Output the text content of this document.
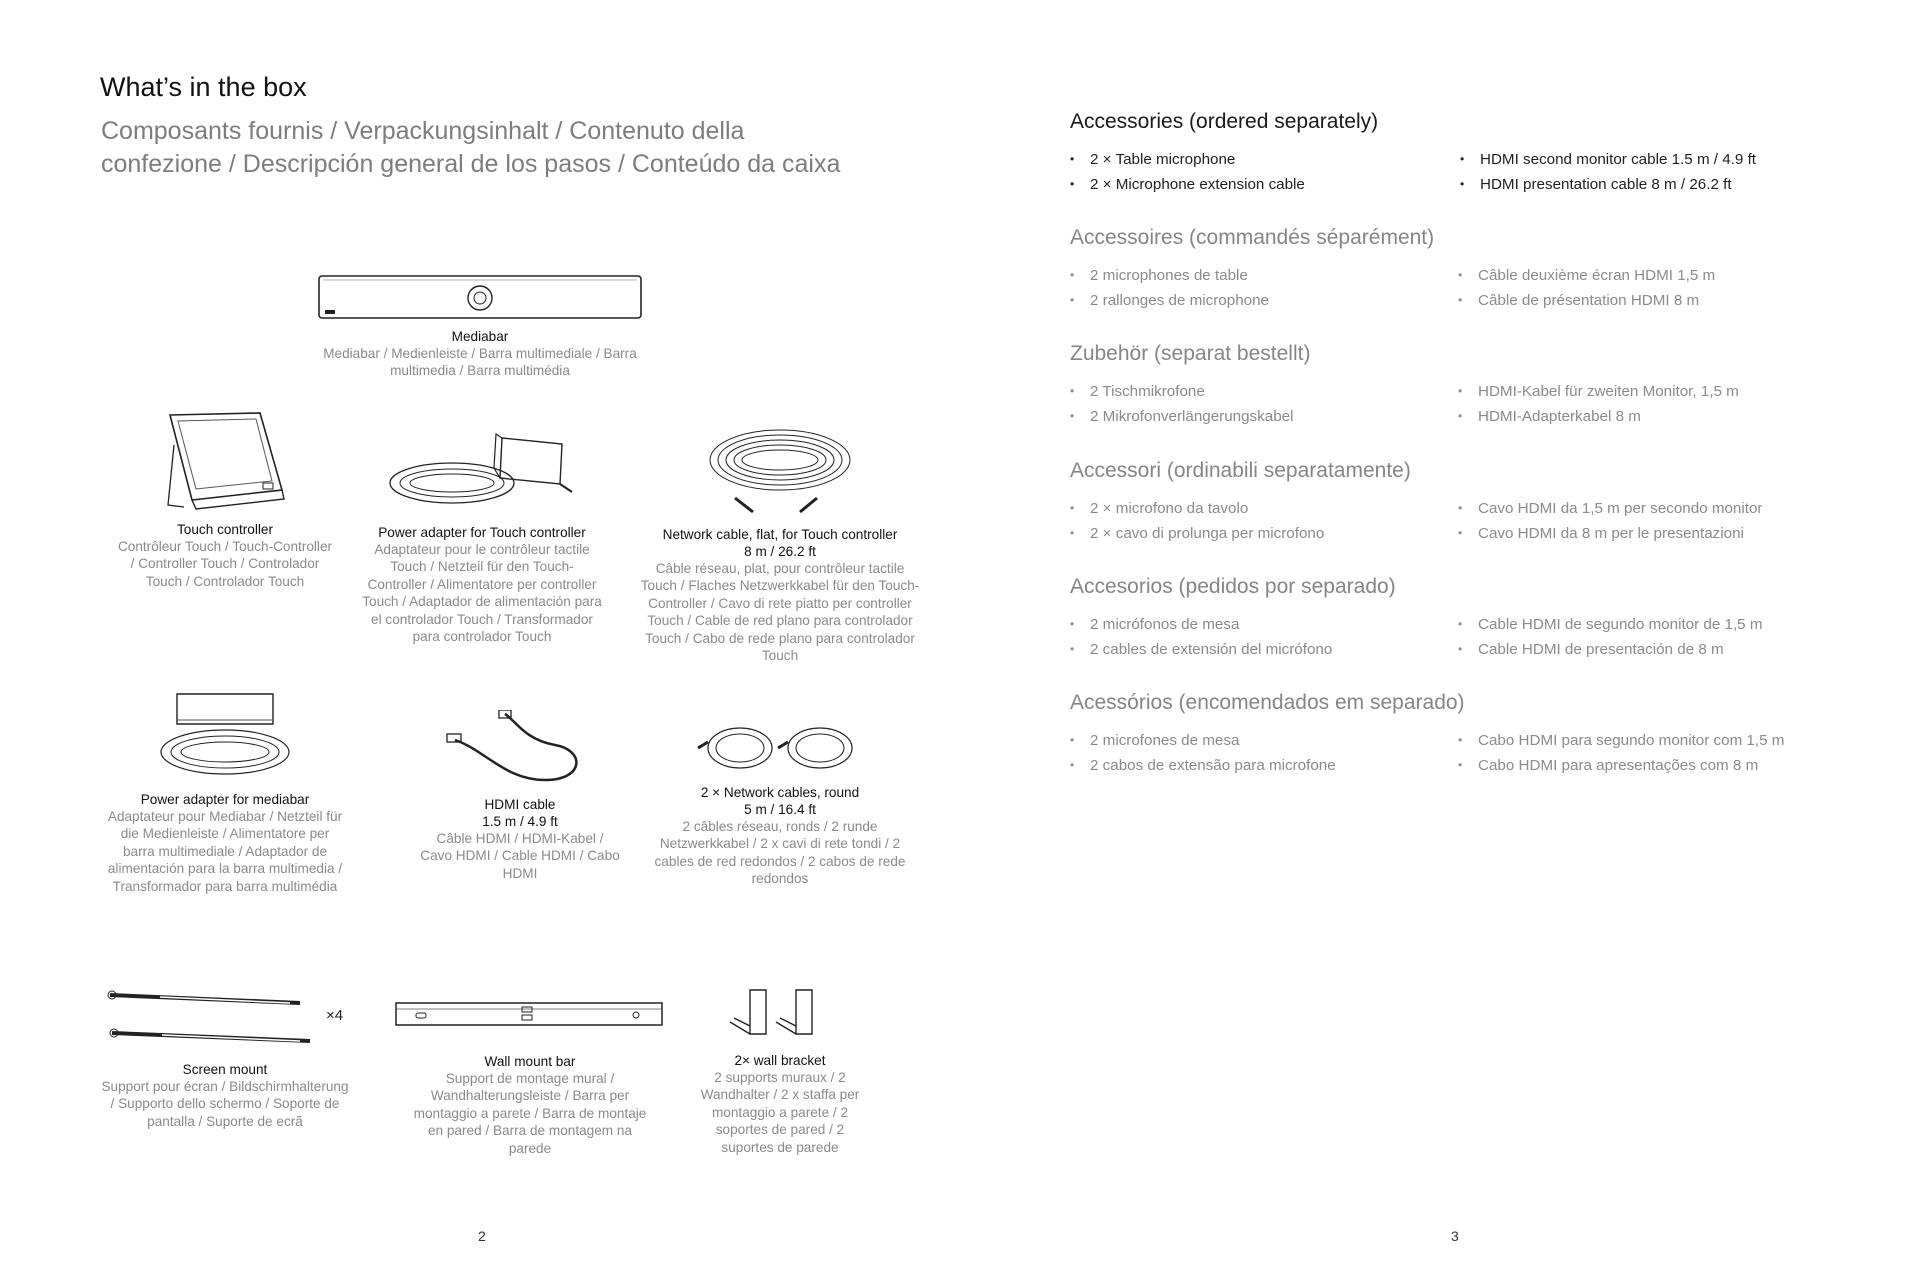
What’s in the box
Composants fournis / Verpackungsinhalt / Contenuto della
confezione / Descripción general de los pasos / Conteúdo da caixa
Mediabar
Mediabar / Medienleiste / Barra multimediale / Barra multimedia / Barra multimédia
Touch controller
Contrôleur Touch / Touch-Controller / Controller Touch / Controlador Touch / Controlador Touch
Power adapter for Touch controller
Adaptateur pour le contrôleur tactile Touch / Netzteil für den Touch-Controller / Alimentatore per controller Touch / Adaptador de alimentación para el controlador Touch / Transformador para controlador Touch
Network cable, flat, for Touch controller
8 m / 26.2 ft
Câble réseau, plat, pour contrôleur tactile Touch / Flaches Netzwerkkabel für den Touch-Controller / Cavo di rete piatto per controller Touch / Cable de red plano para controlador Touch / Cabo de rede plano para controlador Touch
Power adapter for mediabar
Adaptateur pour Mediabar / Netzteil für die Medienleiste / Alimentatore per barra multimediale / Adaptador de alimentación para la barra multimedia / Transformador para barra multimédia
HDMI cable
1.5 m / 4.9 ft
Câble HDMI / HDMI-Kabel / Cavo HDMI / Cable HDMI / Cabo HDMI
2 × Network cables, round
5 m / 16.4 ft
2 câbles réseau, ronds / 2 runde Netzwerkkabel / 2 x cavi di rete tondi / 2 cables de red redondos / 2 cabos de rede redondos
×4
Screen mount
Support pour écran / Bildschirmhalterung / Supporto dello schermo / Soporte de pantalla / Suporte de ecrã
Wall mount bar
Support de montage mural / Wandhalterungsleiste / Barra per montaggio a parete / Barra de montaje en pared / Barra de montagem na parede
2× wall bracket
2 supports muraux / 2 Wandhalter / 2 x staffa per montaggio a parete / 2 soportes de pared / 2 suportes de parede
2
Accessories (ordered separately)
• 2 × Table microphone
• 2 × Microphone extension cable
• HDMI second monitor cable 1.5 m / 4.9 ft
• HDMI presentation cable 8 m / 26.2 ft
Accessoires (commandés séparément)
• 2 microphones de table
• 2 rallonges de microphone
• Câble deuxième écran HDMI 1,5 m
• Câble de présentation HDMI 8 m
Zubehör (separat bestellt)
• 2 Tischmikrofone
• 2 Mikrofonverlängerungskabel
• HDMI-Kabel für zweiten Monitor, 1,5 m
• HDMI-Adapterkabel 8 m
Accessori (ordinabili separatamente)
• 2 × microfono da tavolo
• 2 × cavo di prolunga per microfono
• Cavo HDMI da 1,5 m per secondo monitor
• Cavo HDMI da 8 m per le presentazioni
Accesorios (pedidos por separado)
• 2 micrófonos de mesa
• 2 cables de extensión del micrófono
• Cable HDMI de segundo monitor de 1,5 m
• Cable HDMI de presentación de 8 m
Acessórios (encomendados em separado)
• 2 microfones de mesa
• 2 cabos de extensão para microfone
• Cabo HDMI para segundo monitor com 1,5 m
• Cabo HDMI para apresentações com 8 m
3
